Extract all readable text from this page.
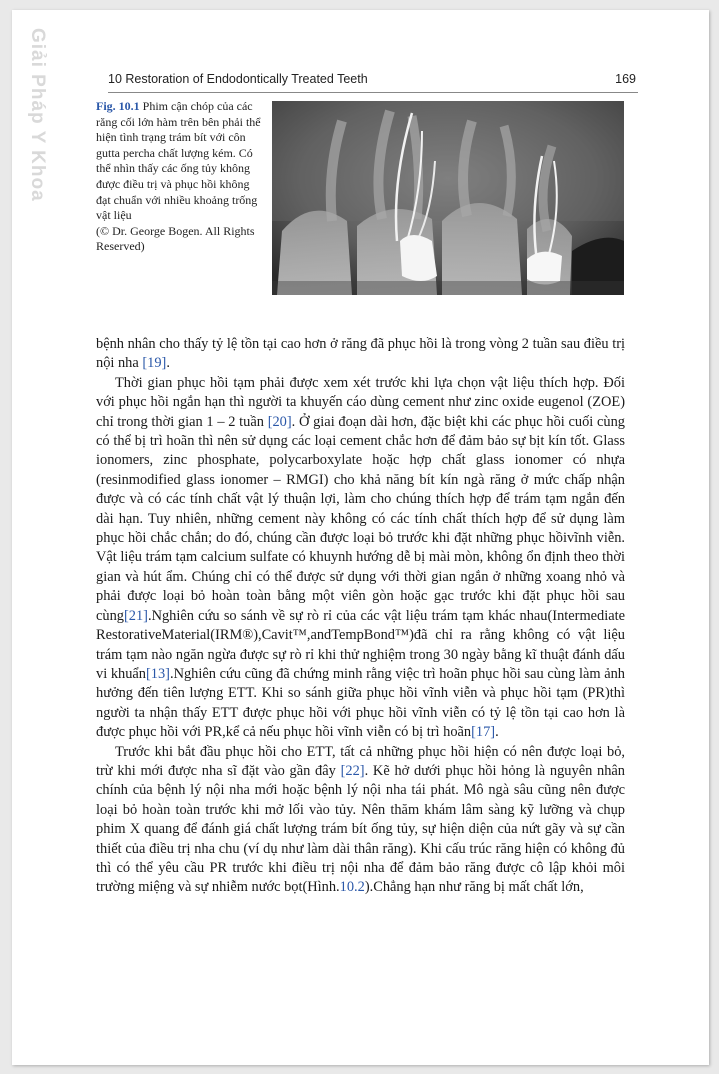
Giải Pháp Y Khoa	10 Restoration of Endodontically Treated Teeth	169
Fig. 10.1 Phim cận chóp của các răng cối lớn hàm trên bên phải thể hiện tình trạng trám bít với côn gutta percha chất lượng kém. Có thể nhìn thấy các ống tủy không được điều trị và phục hồi không đạt chuẩn với nhiều khoảng trống vật liệu
(© Dr. George Bogen. All Rights Reserved)

bệnh nhân cho thấy tỷ lệ tồn tại cao hơn ở răng đã phục hồi là trong vòng 2 tuần sau điều trị nội nha [19].

Thời gian phục hồi tạm phải được xem xét trước khi lựa chọn vật liệu thích hợp. Đối với phục hồi ngắn hạn thì người ta khuyến cáo dùng cement như zinc oxide eugenol (ZOE) chỉ trong thời gian 1 – 2 tuần [20]. Ở giai đoạn dài hơn, đặc biệt khi các phục hồi cuối cùng có thể bị trì hoãn thì nên sử dụng các loại cement chắc hơn để đảm bảo sự bịt kín tốt. Glass ionomers, zinc phosphate, polycarboxylate hoặc hợp chất glass ionomer có nhựa (resinmodified glass ionomer – RMGI) cho khả năng bít kín ngà răng ở mức chấp nhận được và có các tính chất vật lý thuận lợi, làm cho chúng thích hợp để trám tạm ngắn đến dài hạn. Tuy nhiên, những cement này không có các tính chất thích hợp để sử dụng làm phục hồi chắc chắn; do đó, chúng cần được loại bỏ trước khi đặt những phục hồivĩnh viễn. Vật liệu trám tạm calcium sulfate có khuynh hướng dễ bị mài mòn, không ổn định theo thời gian và hút ẩm. Chúng chỉ có thể được sử dụng với thời gian ngắn ở những xoang nhỏ và phải được loại bỏ hoàn toàn bằng một viên gòn hoặc gạc trước khi đặt phục hồi sau cùng[21].Nghiên cứu so sánh về sự rò rỉ của các vật liệu trám tạm khác nhau(Intermediate RestorativeMaterial(IRM®),Cavit™,andTempBond™)đã chỉ ra rằng không có vật liệu trám tạm nào ngăn ngừa được sự rò rỉ khi thử nghiệm trong 30 ngày bằng kĩ thuật đánh dấu vi khuẩn[13].Nghiên cứu cũng đã chứng minh rằng việc trì hoãn phục hồi sau cùng làm ảnh hưởng đến tiên lượng ETT. Khi so sánh giữa phục hồi vĩnh viễn và phục hồi tạm (PR)thì người ta nhận thấy ETT được phục hồi với phục hồi vĩnh viễn có tỷ lệ tồn tại cao hơn là được phục hồi với PR,kể cả nếu phục hồi vĩnh viễn có bị trì hoãn[17].

Trước khi bắt đầu phục hồi cho ETT, tất cả những phục hồi hiện có nên được loại bỏ, trừ khi mới được nha sĩ đặt vào gần đây [22]. Kẽ hở dưới phục hồi hỏng là nguyên nhân chính của bệnh lý nội nha mới hoặc bệnh lý nội nha tái phát. Mô ngà sâu cũng nên được loại bỏ hoàn toàn trước khi mở lối vào tủy. Nên thăm khám lâm sàng kỹ lưỡng và chụp phim X quang để đánh giá chất lượng trám bít ống tủy, sự hiện diện của nứt gãy và sự cần thiết của điều trị nha chu (ví dụ như làm dài thân răng). Khi cấu trúc răng hiện có không đủ thì có thể yêu cầu PR trước khi điều trị nội nha để đảm bảo răng được cô lập khỏi môi trường miệng và sự nhiễm nước bọt(Hình.10.2).Chẳng hạn như răng bị mất chất lớn,
